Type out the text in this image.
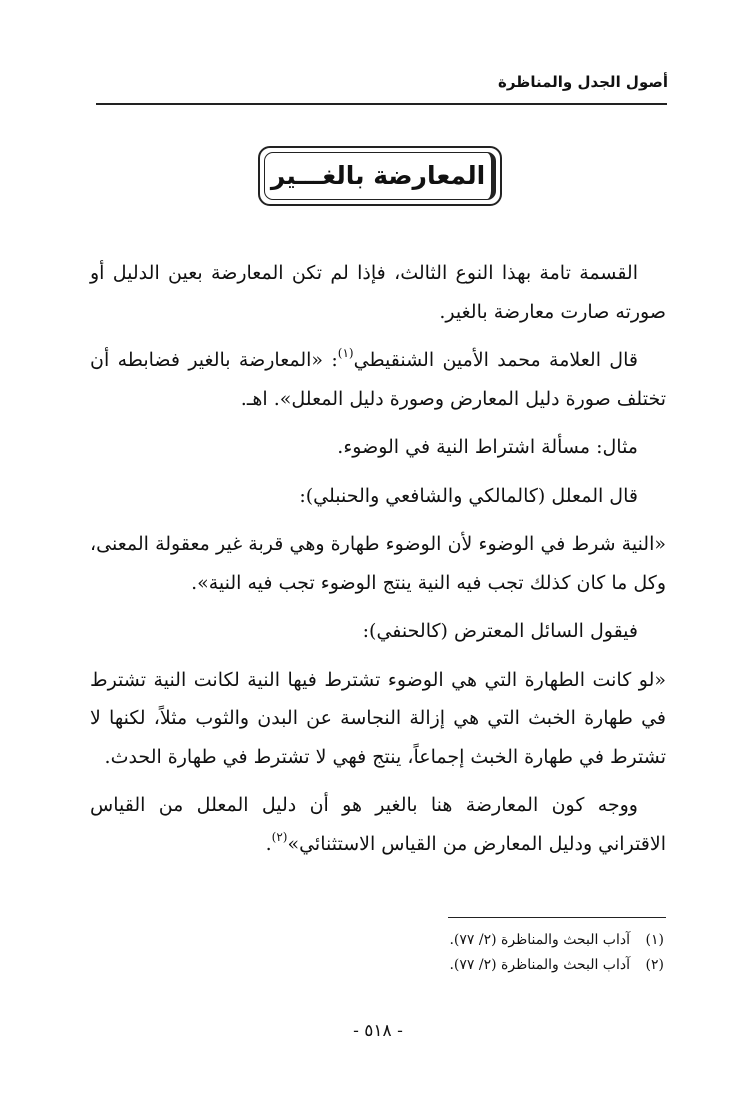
أصول الجدل والمناظرة
المعارضة بالغـــير

القسمة تامة بهذا النوع الثالث، فإذا لم تكن المعارضة بعين الدليل أو صورته صارت معارضة بالغير.

قال العلامة محمد الأمين الشنقيطي$^{(١)}$: «المعارضة بالغير فضابطه أن تختلف صورة دليل المعارض وصورة دليل المعلل». اهـ.

مثال: مسألة اشتراط النية في الوضوء.

قال المعلل (كالمالكي والشافعي والحنبلي):

«النية شرط في الوضوء لأن الوضوء طهارة وهي قربة غير معقولة المعنى، وكل ما كان كذلك تجب فيه النية ينتج الوضوء تجب فيه النية».

فيقول السائل المعترض (كالحنفي):

«لو كانت الطهارة التي هي الوضوء تشترط فيها النية لكانت النية تشترط في طهارة الخبث التي هي إزالة النجاسة عن البدن والثوب مثلاً، لكنها لا تشترط في طهارة الخبث إجماعاً، ينتج فهي لا تشترط في طهارة الحدث.

ووجه كون المعارضة هنا بالغير هو أن دليل المعلل من القياس الاقتراني ودليل المعارض من القياس الاستثنائي»$^{(٢)}$.

(١)آداب البحث والمناظرة (٢/ ٧٧).
(٢)آداب البحث والمناظرة (٢/ ٧٧).
- ٥١٨ -
